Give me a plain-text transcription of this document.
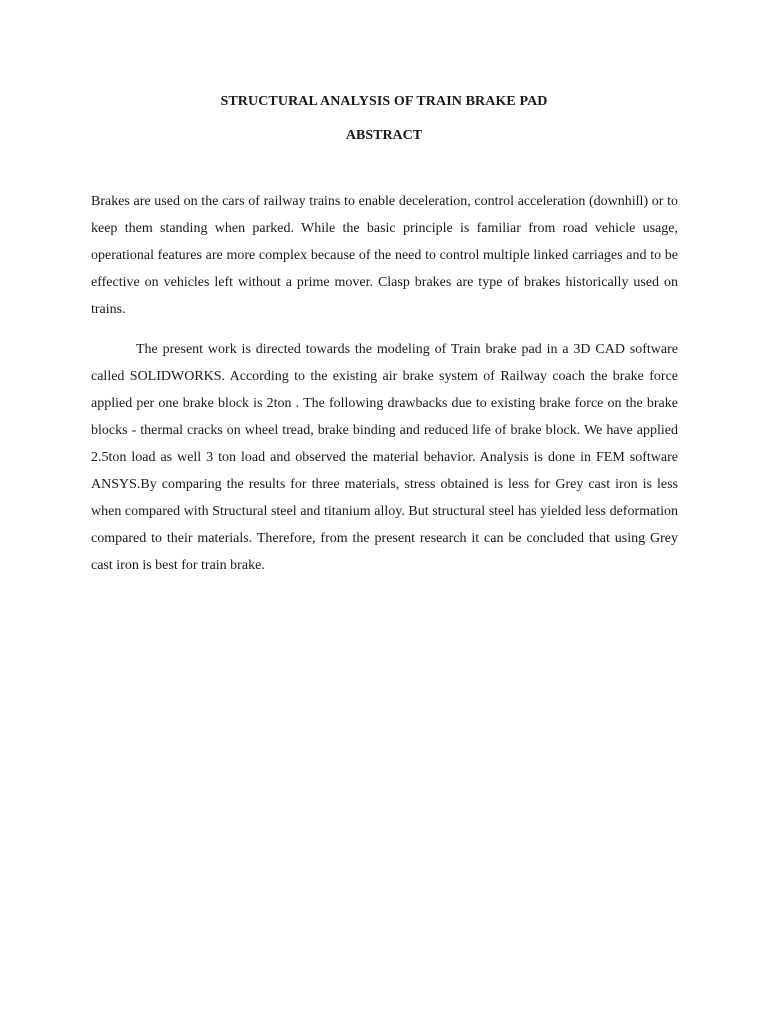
STRUCTURAL ANALYSIS OF TRAIN BRAKE PAD
ABSTRACT

Brakes are used on the cars of railway trains to enable deceleration, control acceleration (downhill) or to keep them standing when parked. While the basic principle is familiar from road vehicle usage, operational features are more complex because of the need to control multiple linked carriages and to be effective on vehicles left without a prime mover. Clasp brakes are type of brakes historically used on trains.

The present work is directed towards the modeling of Train brake pad in a 3D CAD software called SOLIDWORKS. According to the existing air brake system of Railway coach the brake force applied per one brake block is 2ton . The following drawbacks due to existing brake force on the brake blocks - thermal cracks on wheel tread, brake binding and reduced life of brake block. We have applied 2.5ton load as well 3 ton load and observed the material behavior. Analysis is done in FEM software ANSYS.By comparing the results for three materials, stress obtained is less for Grey cast iron is less when compared with Structural steel and titanium alloy. But structural steel has yielded less deformation compared to their materials. Therefore, from the present research it can be concluded that using Grey cast iron is best for train brake.
